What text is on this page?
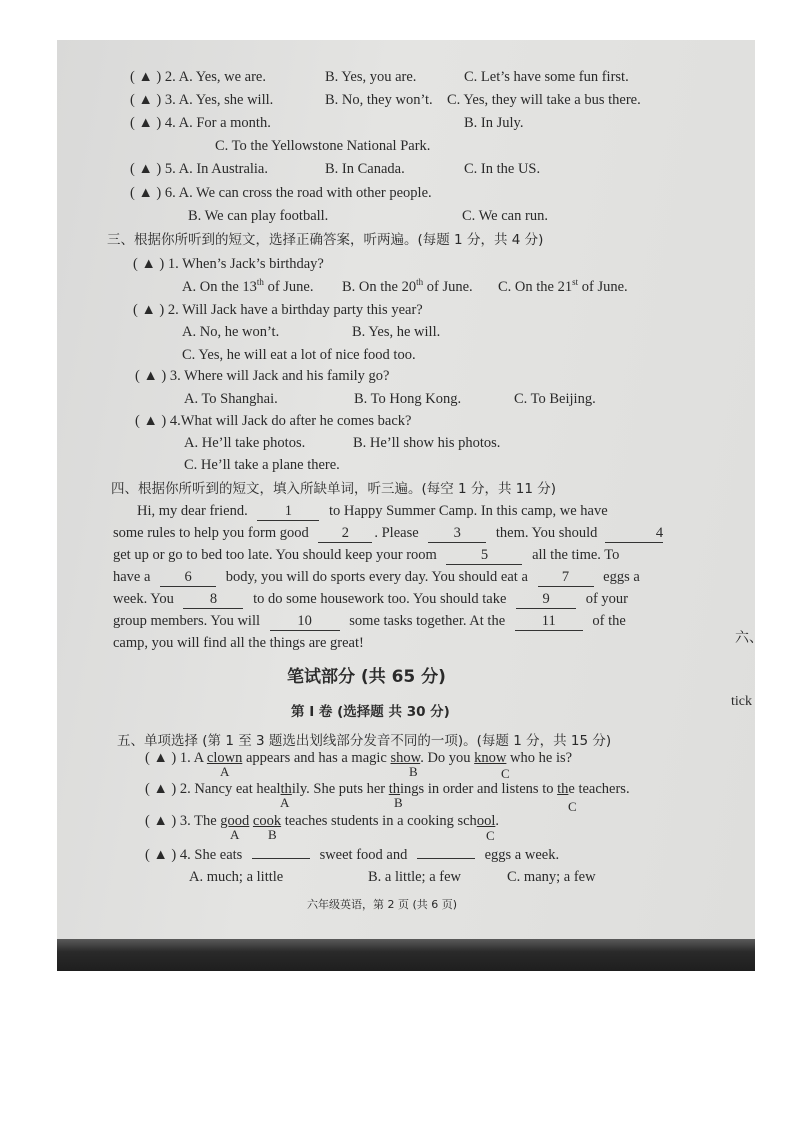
( ▲ ) 2. A. Yes, we are.	B. Yes, you are.	C. Let’s have some fun first.
( ▲ ) 3. A. Yes, she will.	B. No, they won’t. C. Yes, they will take a bus there.
( ▲ ) 4. A. For a month.	B. In July.
C. To the Yellowstone National Park.
( ▲ ) 5. A. In Australia.	B. In Canada.	C. In the US.
( ▲ ) 6. A. We can cross the road with other people.
B. We can play football.	C. We can run.
三、根据你所听到的短文，选择正确答案，听两遍。(每题 1 分，共 4 分)
( ▲ ) 1. When’s Jack’s birthday?
A. On the 13th of June. B. On the 20th of June. C. On the 21st of June.
( ▲ ) 2. Will Jack have a birthday party this year?
A. No, he won’t.	B. Yes, he will.
C. Yes, he will eat a lot of nice food too.
( ▲ ) 3. Where will Jack and his family go?
A. To Shanghai.	B. To Hong Kong.	C. To Beijing.
( ▲ ) 4.What will Jack do after he comes back?
A. He’ll take photos.	B. He’ll show his photos.
C. He’ll take a plane there.
四、根据你所听到的短文，填入所缺单词，听三遍。(每空 1 分，共 11 分)
Hi, my dear friend.	1	to Happy Summer Camp. In this camp, we have
some rules to help you form good 2 . Please 3 them. You should	4
get up or go to bed too late. You should keep your room	5	all the time. To
have a 6 body, you will do sports every day. You should eat a 7 eggs a
week. You 8 to do some housework too. You should take 9 of your
group members. You will	10	some tasks together. At the	11	of the
camp, you will find all the things are great!
笔试部分 (共 65 分)
第 I 卷 (选择题 共 30 分)
五、单项选择 (第 1 至 3 题选出划线部分发音不同的一项)。(每题 1 分，共 15 分)
( ▲ ) 1. A clown appears and has a magic show. Do you know who he is?
A	B	C
( ▲ ) 2. Nancy eat healthily. She puts her things in order and listens to the teachers.
A	B	C
( ▲ ) 3. The good cook teaches students in a cooking school.
A B	C
( ▲ ) 4. She eats	sweet food and	eggs a week.
A. much; a little	B. a little; a few	C. many; a few
六年级英语，第 2 页 (共 6 页)
六、
tick
